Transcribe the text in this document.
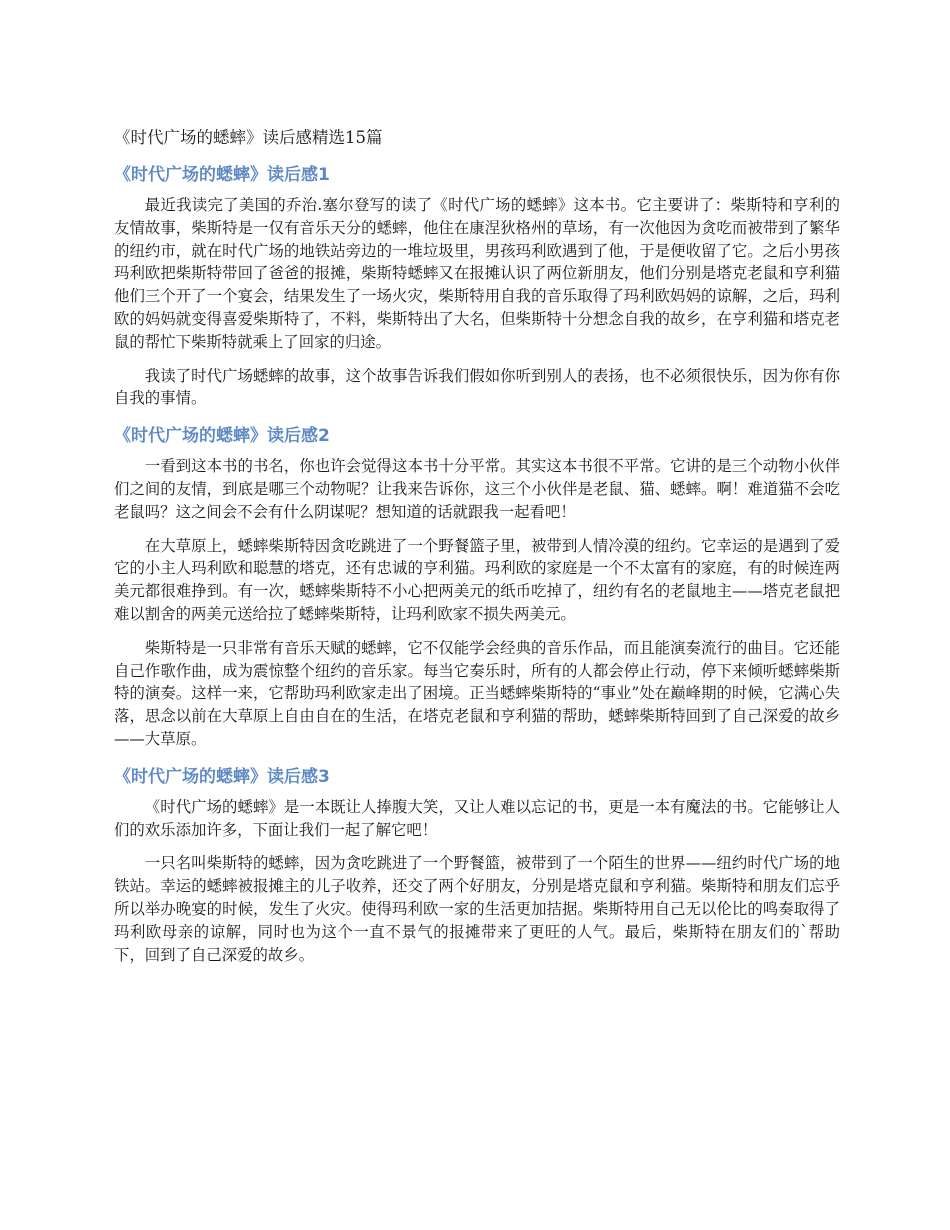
《时代广场的蟋蟀》读后感精选15篇
《时代广场的蟋蟀》读后感1

最近我读完了美国的乔治.塞尔登写的读了《时代广场的蟋蟀》这本书。它主要讲了：柴斯特和亨利的友情故事，柴斯特是一仅有音乐天分的蟋蟀，他住在康涅狄格州的草场，有一次他因为贪吃而被带到了繁华的纽约市，就在时代广场的地铁站旁边的一堆垃圾里，男孩玛利欧遇到了他，于是便收留了它。之后小男孩玛利欧把柴斯特带回了爸爸的报摊，柴斯特蟋蟀又在报摊认识了两位新朋友，他们分别是塔克老鼠和亨利猫他们三个开了一个宴会，结果发生了一场火灾，柴斯特用自我的音乐取得了玛利欧妈妈的谅解，之后，玛利欧的妈妈就变得喜爱柴斯特了，不料，柴斯特出了大名，但柴斯特十分想念自我的故乡，在亨利猫和塔克老鼠的帮忙下柴斯特就乘上了回家的归途。

我读了时代广场蟋蟀的故事，这个故事告诉我们假如你听到别人的表扬，也不必须很快乐，因为你有你自我的事情。

《时代广场的蟋蟀》读后感2

一看到这本书的书名，你也许会觉得这本书十分平常。其实这本书很不平常。它讲的是三个动物小伙伴们之间的友情，到底是哪三个动物呢？让我来告诉你，这三个小伙伴是老鼠、猫、蟋蟀。啊！难道猫不会吃老鼠吗？这之间会不会有什么阴谋呢？想知道的话就跟我一起看吧！

在大草原上，蟋蟀柴斯特因贪吃跳进了一个野餐篮子里，被带到人情冷漠的纽约。它幸运的是遇到了爱它的小主人玛利欧和聪慧的塔克，还有忠诚的亨利猫。玛利欧的家庭是一个不太富有的家庭，有的时候连两美元都很难挣到。有一次，蟋蟀柴斯特不小心把两美元的纸币吃掉了，纽约有名的老鼠地主——塔克老鼠把难以割舍的两美元送给拉了蟋蟀柴斯特，让玛利欧家不损失两美元。

柴斯特是一只非常有音乐天赋的蟋蟀，它不仅能学会经典的音乐作品，而且能演奏流行的曲目。它还能自己作歌作曲，成为震惊整个纽约的音乐家。每当它奏乐时，所有的人都会停止行动，停下来倾听蟋蟀柴斯特的演奏。这样一来，它帮助玛利欧家走出了困境。正当蟋蟀柴斯特的“事业”处在巅峰期的时候，它满心失落，思念以前在大草原上自由自在的生活，在塔克老鼠和亨利猫的帮助，蟋蟀柴斯特回到了自己深爱的故乡——大草原。

《时代广场的蟋蟀》读后感3

《时代广场的蟋蟀》是一本既让人捧腹大笑，又让人难以忘记的书，更是一本有魔法的书。它能够让人们的欢乐添加许多，下面让我们一起了解它吧！

一只名叫柴斯特的蟋蟀，因为贪吃跳进了一个野餐篮，被带到了一个陌生的世界——纽约时代广场的地铁站。幸运的蟋蟀被报摊主的儿子收养，还交了两个好朋友，分别是塔克鼠和亨利猫。柴斯特和朋友们忘乎所以举办晚宴的时候，发生了火灾。使得玛利欧一家的生活更加拮据。柴斯特用自己无以伦比的鸣奏取得了玛利欧母亲的谅解，同时也为这个一直不景气的报摊带来了更旺的人气。最后，柴斯特在朋友们的`帮助下，回到了自己深爱的故乡。
